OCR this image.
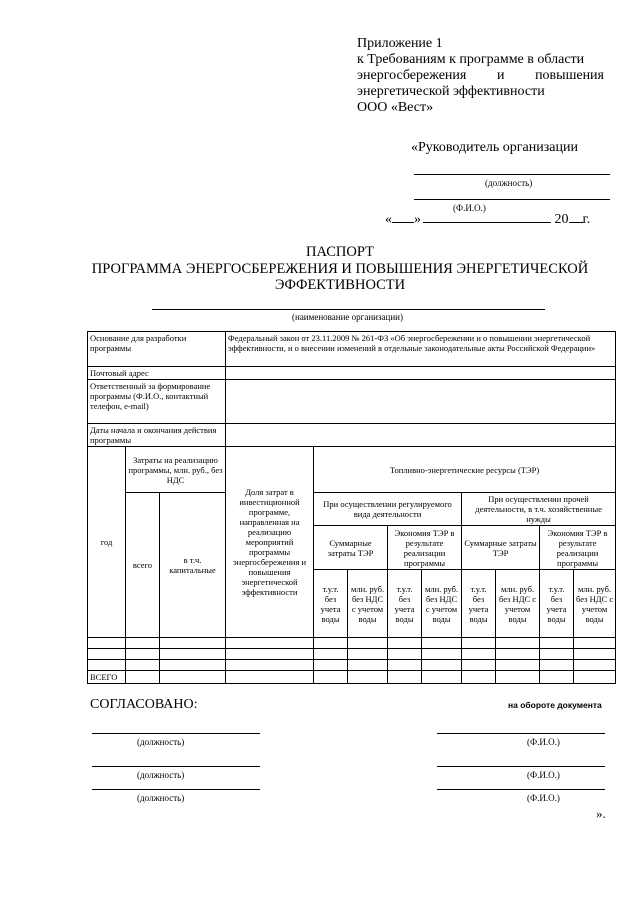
Приложение 1
к Требованиям к программе в области
энергосбережения и повышения
энергетической эффективности
ООО «Вест»
«Руководитель организации
(должность)
(Ф.И.О.)
« »	20 г.
ПАСПОРТ
ПРОГРАММА ЭНЕРГОСБЕРЕЖЕНИЯ И ПОВЫШЕНИЯ ЭНЕРГЕТИЧЕСКОЙ
ЭФФЕКТИВНОСТИ
(наименование организации)
Основание для разработки программы			Федеральный закон от 23.11.2009 № 261-ФЗ «Об энергосбережении и о повышении энергетической эффективности, и о внесении изменений в отдельные законодательные акты Российской Федерации»								
Почтовый адрес											
Ответственный за формирование программы (Ф.И.О., контактный телефон, e-mail)											
Даты начала и окончания действия программы											
год	Затраты на реализацию программы, млн. руб., без НДС		Доля затрат в инвестиционной программе, направленная на реализацию мероприятий программы энергосбережения и повышения энергетической эффективности	Топливно-энергетические ресурсы (ТЭР)							
	всего	в т.ч. капитальные		При осуществлении регулируемого вида деятельности				При осуществлении прочей деятельности, в т.ч. хозяйственные нужды			
				Суммарные затраты ТЭР		Экономия ТЭР в результате реализации программы		Суммарные затраты ТЭР		Экономия ТЭР в результате реализации программы	
				т.у.т. без учета воды	млн. руб. без НДС с учетом воды	т.у.т. без учета воды	млн. руб. без НДС с учетом воды	т.у.т. без учета воды	млн. руб. без НДС с учетом воды	т.у.т. без учета воды	млн. руб. без НДС с учетом воды

ВСЕГО											
СОГЛАСОВАНО:	на обороте документа
(должность)	(Ф.И.О.)
(должность)	(Ф.И.О.)
(должность)	(Ф.И.О.)
».
